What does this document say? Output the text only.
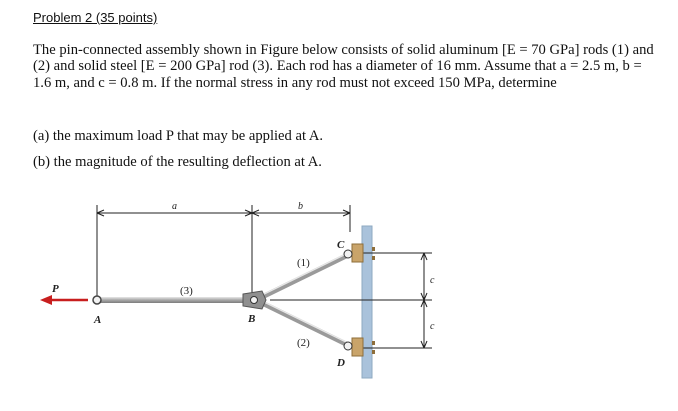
Problem 2 (35 points)

The pin-connected assembly shown in Figure below consists of solid aluminum [E = 70 GPa] rods (1) and (2) and solid steel [E = 200 GPa] rod (3). Each rod has a diameter of 16 mm. Assume that a = 2.5 m, b = 1.6 m, and c = 0.8 m. If the normal stress in any rod must not exceed 150 MPa, determine

(a) the maximum load P that may be applied at A.
(b) the magnitude of the resulting deflection at A.
a	b
c
c
P
A	B
C
D
(3)
(1)
(2)
